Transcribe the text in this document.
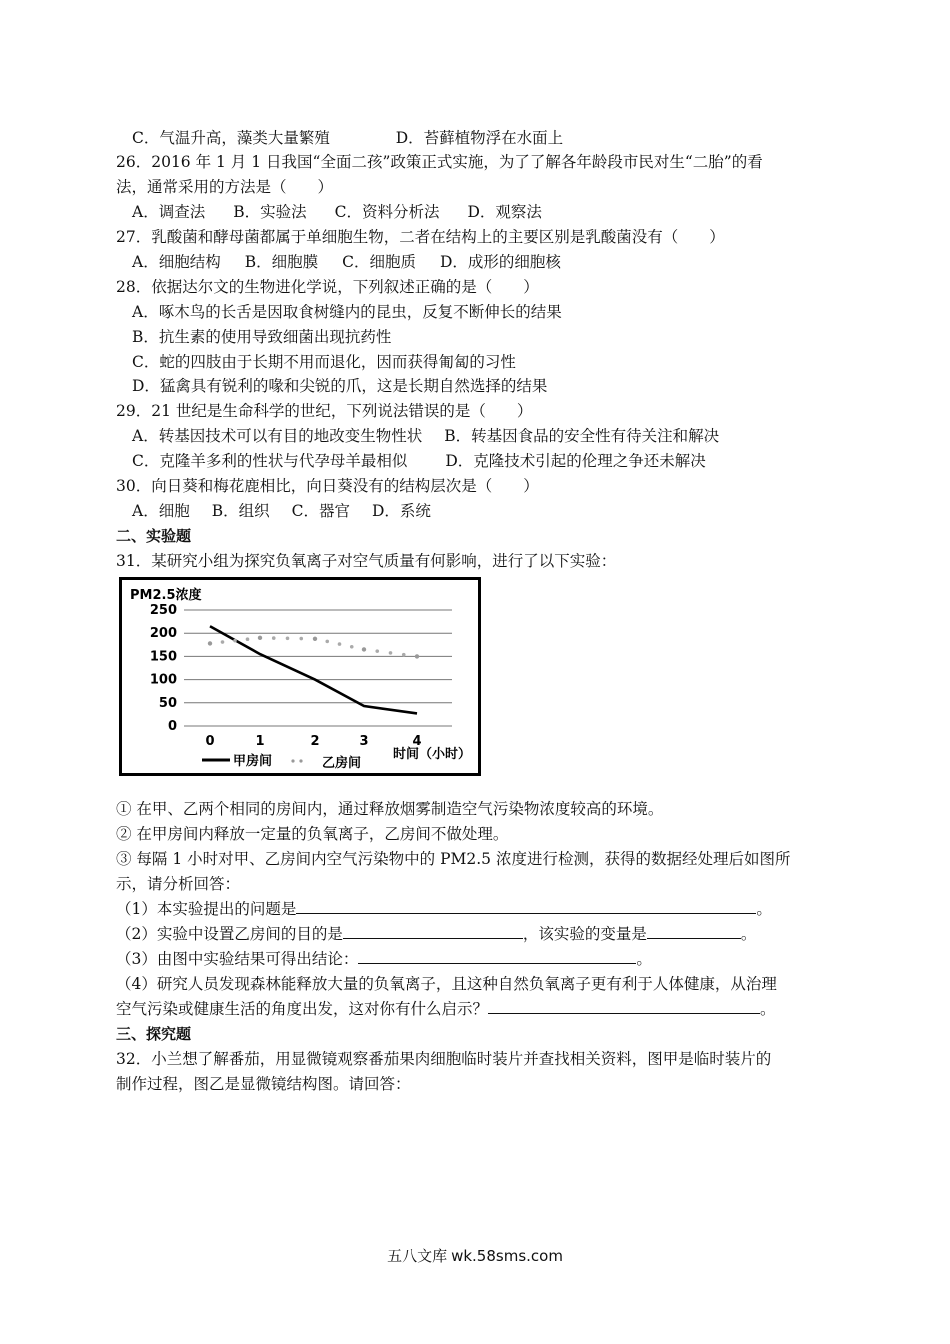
C．气温升高，藻类大量繁殖	D．苔藓植物浮在水面上
26．2016 年 1 月 1 日我国“全面二孩”政策正式实施，为了了解各年龄段市民对生“二胎”的看
法，通常采用的方法是（　　）
A．调查法 B．实验法 C．资料分析法 D．观察法
27．乳酸菌和酵母菌都属于单细胞生物，二者在结构上的主要区别是乳酸菌没有（　　）
A．细胞结构 B．细胞膜 C．细胞质 D．成形的细胞核
28．依据达尔文的生物进化学说，下列叙述正确的是（　　）
A．啄木鸟的长舌是因取食树缝内的昆虫，反复不断伸长的结果
B．抗生素的使用导致细菌出现抗药性
C．蛇的四肢由于长期不用而退化，因而获得匍匐的习性
D．猛禽具有锐利的喙和尖锐的爪，这是长期自然选择的结果
29．21 世纪是生命科学的世纪，下列说法错误的是（　　）
A．转基因技术可以有目的地改变生物性状 B．转基因食品的安全性有待关注和解决
C．克隆羊多利的性状与代孕母羊最相似 D．克隆技术引起的伦理之争还未解决
30．向日葵和梅花鹿相比，向日葵没有的结构层次是（　　）
A．细胞 B．组织 C．器官 D．系统
二、实验题
31．某研究小组为探究负氧离子对空气质量有何影响，进行了以下实验：
PM2.5浓度
250
200
150
100
50
0
0	1	2	3	4
甲房间	乙房间
时间（小时）
① 在甲、乙两个相同的房间内，通过释放烟雾制造空气污染物浓度较高的环境。
② 在甲房间内释放一定量的负氧离子，乙房间不做处理。
③ 每隔 1 小时对甲、乙房间内空气污染物中的 PM2.5 浓度进行检测，获得的数据经处理后如图所
示，请分析回答：
（1）本实验提出的问题是	。
（2）实验中设置乙房间的目的是	，该实验的变量是	。
（3）由图中实验结果可得出结论：	。
（4）研究人员发现森林能释放大量的负氧离子，且这种自然负氧离子更有利于人体健康，从治理
空气污染或健康生活的角度出发，这对你有什么启示？	。
三、探究题
32．小兰想了解番茄，用显微镜观察番茄果肉细胞临时装片并查找相关资料，图甲是临时装片的
制作过程，图乙是显微镜结构图。请回答：
五八文库 wk.58sms.com
